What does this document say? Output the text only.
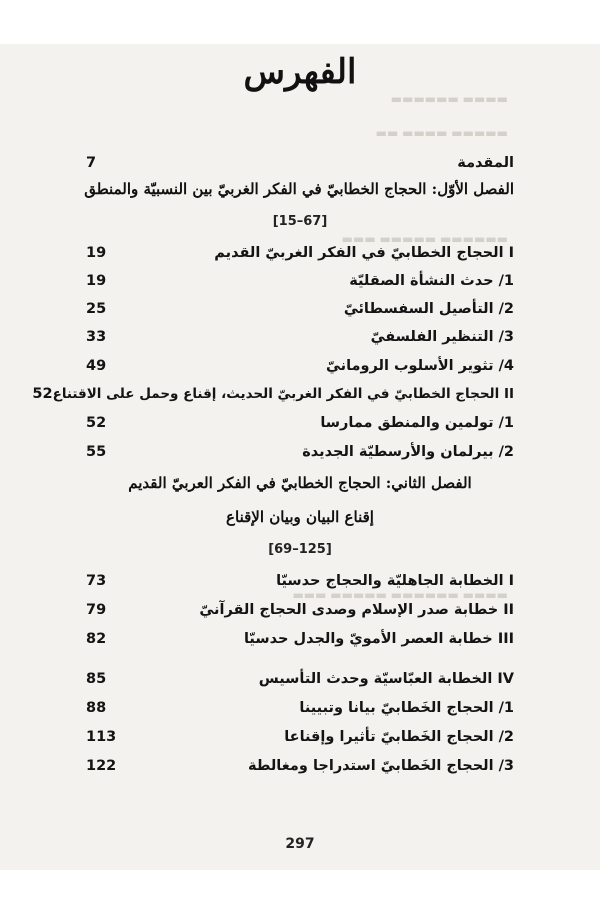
▬▬▬▬ ▬▬▬▬▬▬
▬▬▬▬▬ ▬▬▬▬ ▬▬
▬▬▬▬▬▬ ▬▬▬▬▬ ▬▬▬
▬▬▬▬ ▬▬▬▬▬▬ ▬▬▬▬▬ ▬▬▬
الفهرس
المقدمة
7
الفصل الأوّل: الحجاج الخطابيّ في الفكر الغربيّ بين النسبيّة والمنطق
[15–67]
I الحجاج الخطابيّ في الفكر الغربيّ القديم
19
1/ حدث النشأة الصقليّة
19
2/ التأصيل السفسطائيّ
25
3/ التنظير الفلسفيّ
33
4/ تثوير الأسلوب الرومانيّ
49
II الحجاج الخطابيّ في الفكر الغربيّ الحديث، إقناع وحمل على الاقتناع
52
1/ تولمين والمنطق ممارسا
52
2/ بيرلمان والأرسطيّة الجديدة
55
الفصل الثاني: الحجاج الخطابيّ في الفكر العربيّ القديم
إقناع البيان وبيان الإقناع
[69–125]
I الخطابة الجاهليّة والحجاج حدسيّا
73
II خطابة صدر الإسلام وصدى الحجاج القرآنيّ
79
III خطابة العصر الأمويّ والجدل حدسيّا
82
IV الخطابة العبّاسيّة وحدث التأسيس
85
1/ الحجاج الخَطابيّ بيانا وتبيينا
88
2/ الحجاج الخَطابيّ تأثيرا وإقناعا
113
3/ الحجاج الخَطابيّ استدراجا ومغالطة
122
297
